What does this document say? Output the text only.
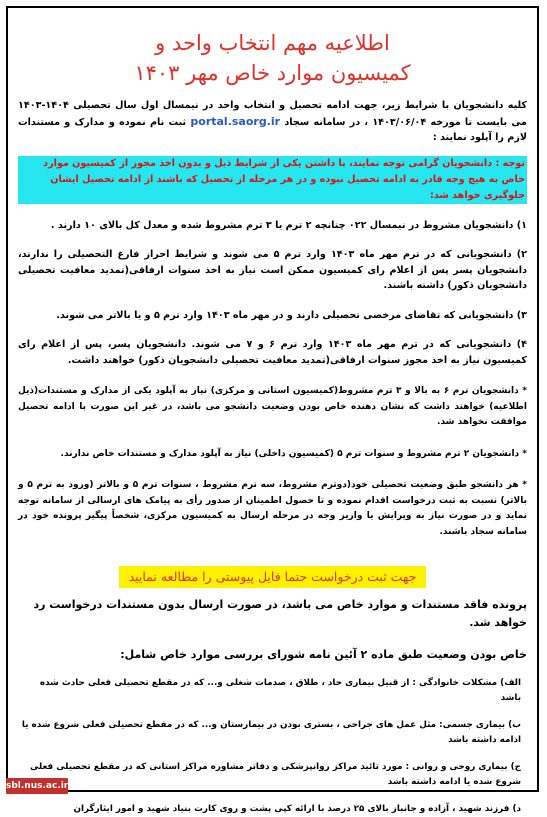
اطلاعیه مهم انتخاب واحد و
کمیسیون موارد خاص مهر ۱۴۰۳

کلیه دانشجویان با شرایط زیر، جهت ادامه تحصیل و انتخاب واحد در نیمسال اول سال تحصیلی ۱۴۰۴-۱۴۰۳ می بایست تا مورخه ۱۴۰۳/۰۶/۰۴ ، در سامانه سجاد portal.saorg.ir ثبت نام نموده و مدارک و مستندات لازم را آپلود نمایند :

توجه : دانشجویان گرامی توجه نمایند، با داشتن یکی از شرایط ذیل و بدون اخذ مجوز از کمیسیون موارد خاص به هیچ وجه قادر به ادامه تحصیل نبوده و در هر مرحله از تحصیل که باشند از ادامه تحصیل ایشان جلوگیری خواهد شد:

۱) دانشجویان مشروط در نیمسال ۰۲۲ چنانچه ۲ ترم یا ۳ ترم مشروط شده و معدل کل بالای ۱۰ دارند .

۲) دانشجویانی که در ترم مهر ماه ۱۴۰۳ وارد ترم ۵ می شوند و شرایط احراز فارغ التحصیلی را ندارند، دانشجویان پسر پس از اعلام رای کمیسیون ممکن است نیاز به اخذ سنوات ارفاقی(تمدید معافیت تحصیلی دانشجویان ذکور) داشته باشند.

۳) دانشجویانی که تقاضای مرخصی تحصیلی دارند و در مهر ماه ۱۴۰۳ وارد ترم ۵ و یا بالاتر می شوند.

۴) دانشجویانی که در ترم مهر ماه ۱۴۰۳ وارد ترم ۶ و ۷ می شوند. دانشجویان پسر، پس از اعلام رای کمیسیون نیاز به اخذ مجوز سنوات ارفاقی(تمدید معافیت تحصیلی دانشجویان ذکور) خواهند داشت.

* دانشجویان ترم ۶ به بالا و ۳ ترم مشروط(کمیسیون استانی و مرکزی) نیاز به آپلود یکی از مدارک و مستندات(ذیل اطلاعیه) خواهند داشت که نشان دهنده خاص بودن وضعیت دانشجو می باشد، در غیر این صورت با ادامه تحصیل موافقت نخواهد شد.

* دانشجویان ۲ ترم مشروط و سنوات ترم ۵ (کمیسیون داخلی) نیاز به آپلود مدارک و مستندات خاص ندارند.

* هر دانشجو طبق وضعیت تحصیلی خود(دوترم مشروط، سه ترم مشروط ، سنوات ترم ۵ و بالاتر (ورود به ترم ۵ و بالاتر) نسبت به ثبت درخواست اقدام نموده و تا حصول اطمینان از صدور رأی به پیامک های ارسالی از سامانه توجه نماید و در صورت نیاز به ویرایش یا واریز وجه در مرحله ارسال به کمیسیون مرکزی، شخصاً پیگیر پرونده خود در سامانه سجاد باشند.

جهت ثبت درخواست حتما فایل پیوستی را مطالعه نمایید

پرونده فاقد مستندات و موارد خاص می باشد، در صورت ارسال بدون مستندات درخواست رد خواهد شد.

خاص بودن وضعیت طبق ماده ۲ آئین نامه شورای بررسی موارد خاص شامل:

الف) مشکلات خانوادگی : از قبیل بیماری حاد ، طلاق ، صدمات شغلی و... که در مقطع تحصیلی فعلی حادث شده باشد

ب) بیماری جسمی: مثل عمل های جراحی ، بستری بودن در بیمارستان و... که در مقطع تحصیلی فعلی شروع شده یا ادامه داشته باشد

ج) بیماری روحی و روانی : مورد تائید مراکز روانپزشکی و دفاتر مشاوره مراکز استانی که در مقطع تحصیلی فعلی شروع شده یا ادامه داشته باشد

د) فرزند شهید ، آزاده و جانباز بالای ۲۵ درصد با ارائه کپی پشت و روی کارت بنیاد شهید و امور ایثارگران

sbl.nus.ac.ir
